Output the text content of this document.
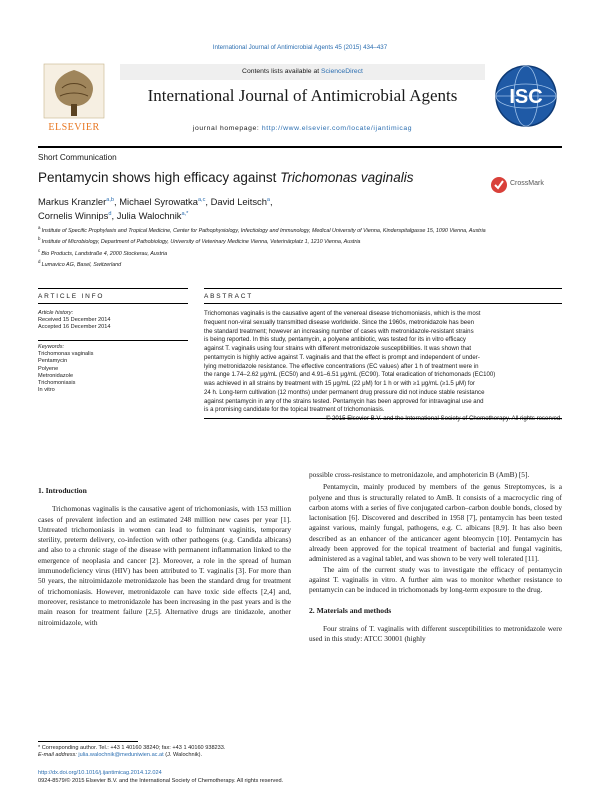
International Journal of Antimicrobial Agents 45 (2015) 434–437
ELSEVIER
Contents lists available at ScienceDirect
International Journal of Antimicrobial Agents
journal homepage: http://www.elsevier.com/locate/ijantimicag
ISC
Short Communication
Pentamycin shows high efficacy against Trichomonas vaginalis	CrossMark
Markus Kranzler$^{a,b}$, Michael Syrowatka$^{a,c}$, David Leitsch$^a$,
Cornelis Winnips$^d$, Julia Walochnik$^{a,*}$
$^a$ Institute of Specific Prophylaxis and Tropical Medicine, Center for Pathophysiology, Infectiology and Immunology, Medical University of Vienna, Kinderspitalgasse 15, 1090 Vienna, Austria
$^b$ Institute of Microbiology, Department of Pathobiology, University of Veterinary Medicine Vienna, Veterinärplatz 1, 1210 Vienna, Austria
$^c$ Bio Products, Landstraße 4, 2000 Stockerau, Austria
$^d$ Lumavico AG, Basel, Switzerland
ARTICLE INFO	ABSTRACT
Article history:
Received 15 December 2014
Accepted 16 December 2014
Keywords:
Trichomonas vaginalis
Pentamycin
Polyene
Metronidazole
Trichomoniasis
In vitro
Trichomonas vaginalis is the causative agent of the venereal disease trichomoniasis, which is the most
frequent non-viral sexually transmitted disease worldwide. Since the 1960s, metronidazole has been
the standard treatment; however an increasing number of cases with metronidazole-resistant strains
is being reported. In this study, pentamycin, a polyene antibiotic, was tested for its in vitro efficacy
against T. vaginalis using four strains with different metronidazole susceptibilities. It was shown that
pentamycin is highly active against T. vaginalis and that the effect is prompt and independent of under-
lying metronidazole resistance. The effective concentrations (EC values) after 1 h of treatment were in
the range 1.74–2.62 μg/mL (EC50) and 4.91–6.51 μg/mL (EC90). Total eradication of trichomonads (EC100)
was achieved in all strains by treatment with 15 μg/mL (22 μM) for 1 h or with ≥1 μg/mL (≥1.5 μM) for
24 h. Long-term cultivation (12 months) under permanent drug pressure did not induce stable resistance
against pentamycin in any of the strains tested. Pentamycin has been approved for intravaginal use and
is a promising candidate for the topical treatment of trichomoniasis.
© 2015 Elsevier B.V. and the International Society of Chemotherapy. All rights reserved.
1. Introduction

Trichomonas vaginalis is the causative agent of trichomoniasis, with 153 million cases of prevalent infection and an estimated 248 million new cases per year [1]. Untreated trichomoniasis in women can lead to fulminant vaginitis, temporary sterility, preterm delivery, co-infection with other pathogens (e.g. Candida albicans) and also to a chronic stage of the disease with permanent inflammation linked to the emergence of neoplasia and cancer [2]. Moreover, a role in the spread of human immunodeficiency virus (HIV) has been attributed to T. vaginalis [3]. For more than 50 years, the nitroimidazole metronidazole has been the standard drug for treatment of trichomoniasis. However, metronidazole can have toxic side effects [2,4] and, moreover, resistance to metronidazole has been increasing in the past years and is the main reason for treatment failure [2,5]. Alternative drugs are tinidazole, another nitroimidazole, with

possible cross-resistance to metronidazole, and amphotericin B (AmB) [5].

Pentamycin, mainly produced by members of the genus Streptomyces, is a polyene and thus is structurally related to AmB. It consists of a macrocyclic ring of carbon atoms with a series of five conjugated carbon–carbon double bonds, closed by lactonisation [6]. Discovered and described in 1958 [7], pentamycin has been tested against various, mainly fungal, pathogens, e.g. C. albicans [8,9]. It has also been described as an enhancer of the anticancer agent bleomycin [10]. Pentamycin has already been approved for the topical treatment of bacterial and fungal vaginitis, administered as a vaginal tablet, and was shown to be very well tolerated [11].

The aim of the current study was to investigate the efficacy of pentamycin against T. vaginalis in vitro. A further aim was to monitor whether resistance to pentamycin can be induced in trichomonads by long-term exposure to the drug.

2. Materials and methods

Four strains of T. vaginalis with different susceptibilities to metronidazole were used in this study: ATCC 30001 (highly

* Corresponding author. Tel.: +43 1 40160 38240; fax: +43 1 40160 938233.
E-mail address: julia.walochnik@meduniwien.ac.at (J. Walochnik).
http://dx.doi.org/10.1016/j.ijantimicag.2014.12.024
0924-8579/© 2015 Elsevier B.V. and the International Society of Chemotherapy. All rights reserved.
